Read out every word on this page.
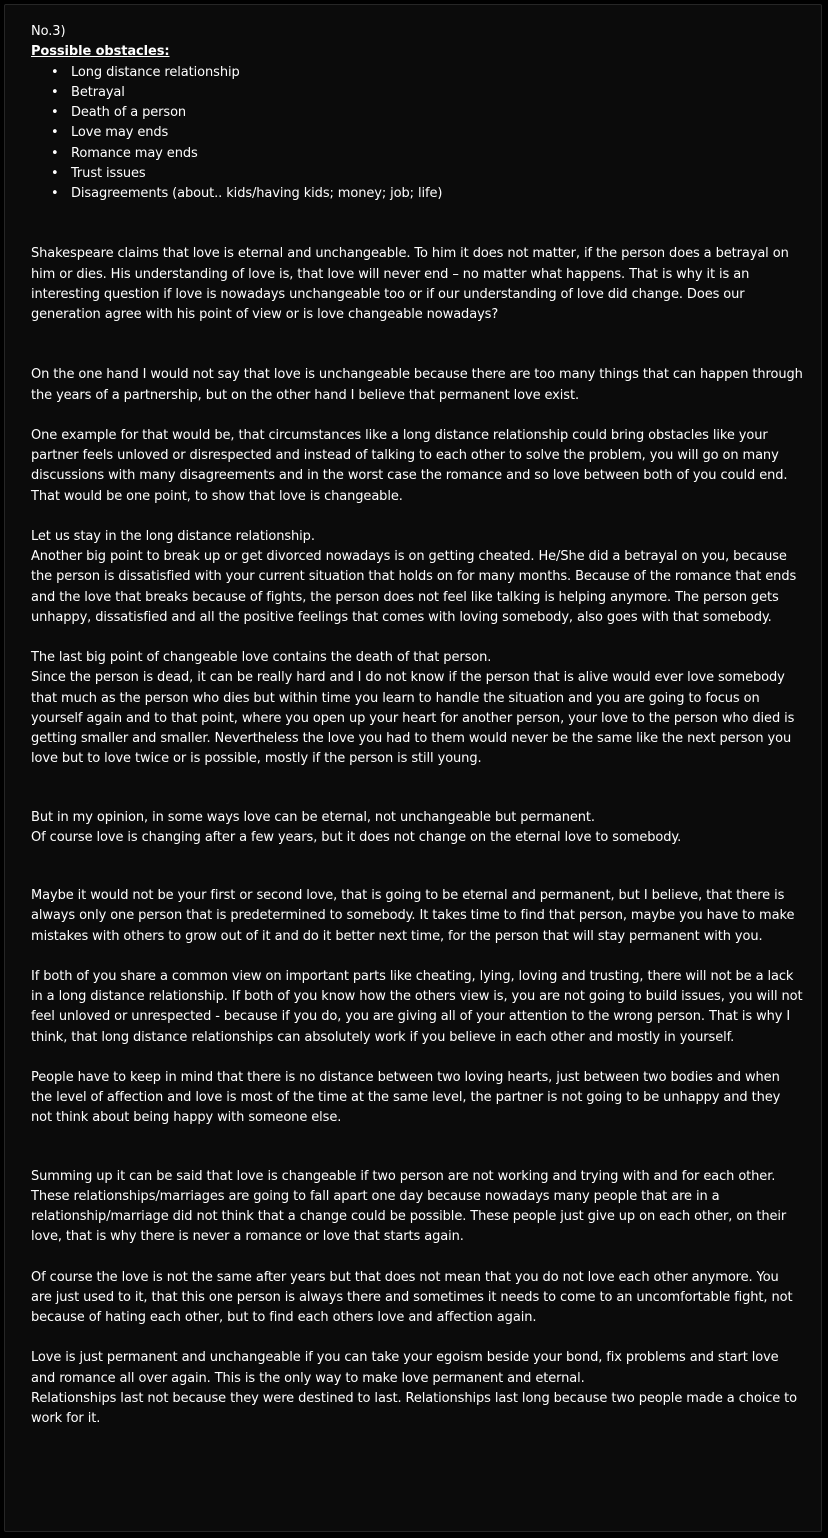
No.3)

Possible obstacles:

• Long distance relationship
• Betrayal
• Death of a person
• Love may ends
• Romance may ends
• Trust issues
• Disagreements (about.. kids/having kids; money; job; life)

Shakespeare claims that love is eternal and unchangeable. To him it does not matter, if the person does a betrayal on him or dies. His understanding of love is, that love will never end – no matter what happens. That is why it is an interesting question if love is nowadays unchangeable too or if our understanding of love did change. Does our generation agree with his point of view or is love changeable nowadays?

On the one hand I would not say that love is unchangeable because there are too many things that can happen through the years of a partnership, but on the other hand I believe that permanent love exist.

One example for that would be, that circumstances like a long distance relationship could bring obstacles like your partner feels unloved or disrespected and instead of talking to each other to solve the problem, you will go on many discussions with many disagreements and in the worst case the romance and so love between both of you could end. That would be one point, to show that love is changeable.

Let us stay in the long distance relationship.

Another big point to break up or get divorced nowadays is on getting cheated. He/She did a betrayal on you, because the person is dissatisfied with your current situation that holds on for many months. Because of the romance that ends and the love that breaks because of fights, the person does not feel like talking is helping anymore. The person gets unhappy, dissatisfied and all the positive feelings that comes with loving somebody, also goes with that somebody.

The last big point of changeable love contains the death of that person.

Since the person is dead, it can be really hard and I do not know if the person that is alive would ever love somebody that much as the person who dies but within time you learn to handle the situation and you are going to focus on yourself again and to that point, where you open up your heart for another person, your love to the person who died is getting smaller and smaller. Nevertheless the love you had to them would never be the same like the next person you love but to love twice or is possible, mostly if the person is still young.

But in my opinion, in some ways love can be eternal, not unchangeable but permanent.

Of course love is changing after a few years, but it does not change on the eternal love to somebody.

Maybe it would not be your first or second love, that is going to be eternal and permanent, but I believe, that there is always only one person that is predetermined to somebody. It takes time to find that person, maybe you have to make mistakes with others to grow out of it and do it better next time, for the person that will stay permanent with you.

If both of you share a common view on important parts like cheating, lying, loving and trusting, there will not be a lack in a long distance relationship. If both of you know how the others view is, you are not going to build issues, you will not feel unloved or unrespected - because if you do, you are giving all of your attention to the wrong person. That is why I think, that long distance relationships can absolutely work if you believe in each other and mostly in yourself.

People have to keep in mind that there is no distance between two loving hearts, just between two bodies and when the level of affection and love is most of the time at the same level, the partner is not going to be unhappy and they not think about being happy with someone else.

Summing up it can be said that love is changeable if two person are not working and trying with and for each other. These relationships/marriages are going to fall apart one day because nowadays many people that are in a relationship/marriage did not think that a change could be possible. These people just give up on each other, on their love, that is why there is never a romance or love that starts again.

Of course the love is not the same after years but that does not mean that you do not love each other anymore. You are just used to it, that this one person is always there and sometimes it needs to come to an uncomfortable fight, not because of hating each other, but to find each others love and affection again.

Love is just permanent and unchangeable if you can take your egoism beside your bond, fix problems and start love and romance all over again. This is the only way to make love permanent and eternal.

Relationships last not because they were destined to last. Relationships last long because two people made a choice to work for it.
